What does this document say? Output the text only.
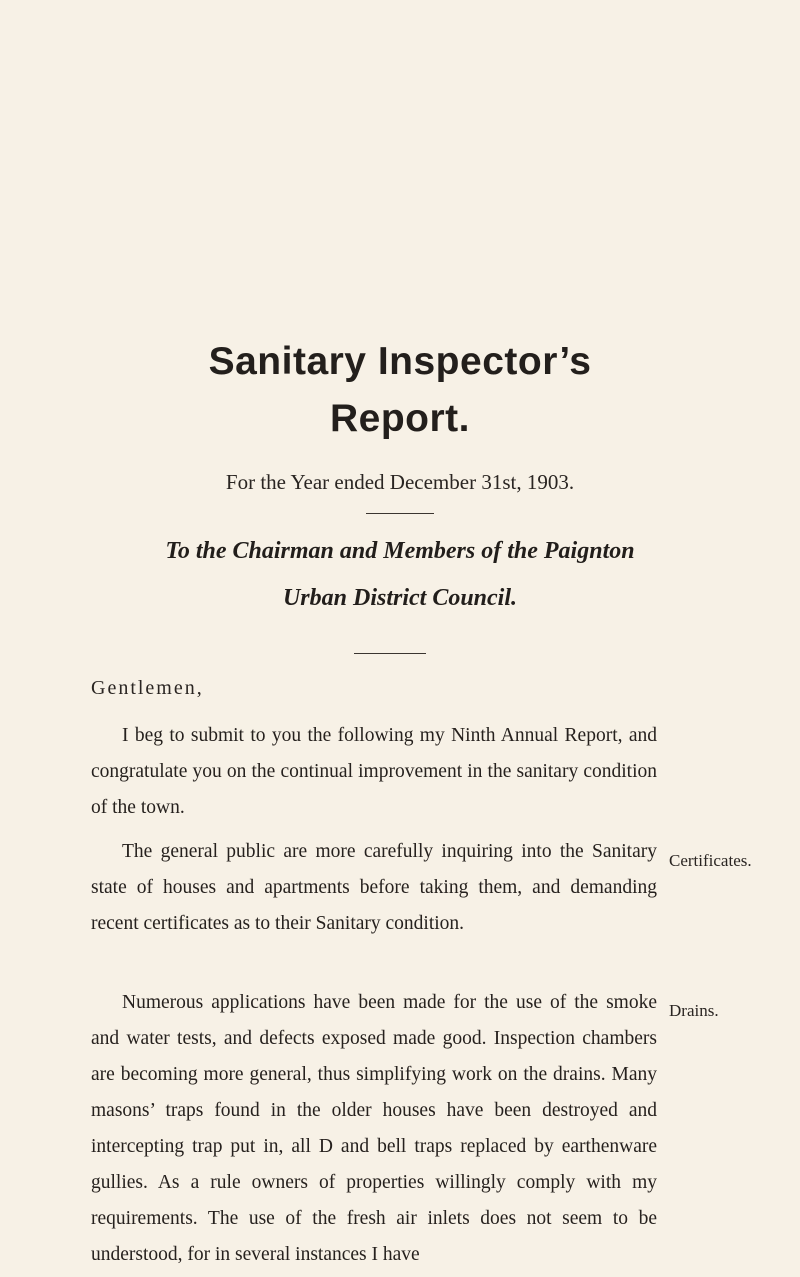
Sanitary Inspector’s
Report.
For the Year ended December 31st, 1903.
To the Chairman and Members of the Paignton
Urban District Council.
Gentlemen,

I beg to submit to you the following my Ninth Annual Report, and congratulate you on the continual improvement in the sanitary condition of the town.

The general public are more carefully inquiring into the Sanitary state of houses and apartments before taking them, and demanding recent certificates as to their Sanitary condition.

Numerous applications have been made for the use of the smoke and water tests, and defects exposed made good. Inspection chambers are becoming more general, thus simplifying work on the drains. Many masons’ traps found in the older houses have been destroyed and intercepting trap put in, all D and bell traps replaced by earthenware gullies. As a rule owners of properties willingly comply with my requirements. The use of the fresh air inlets does not seem to be understood, for in several instances I have

Certificates.
Drains.
